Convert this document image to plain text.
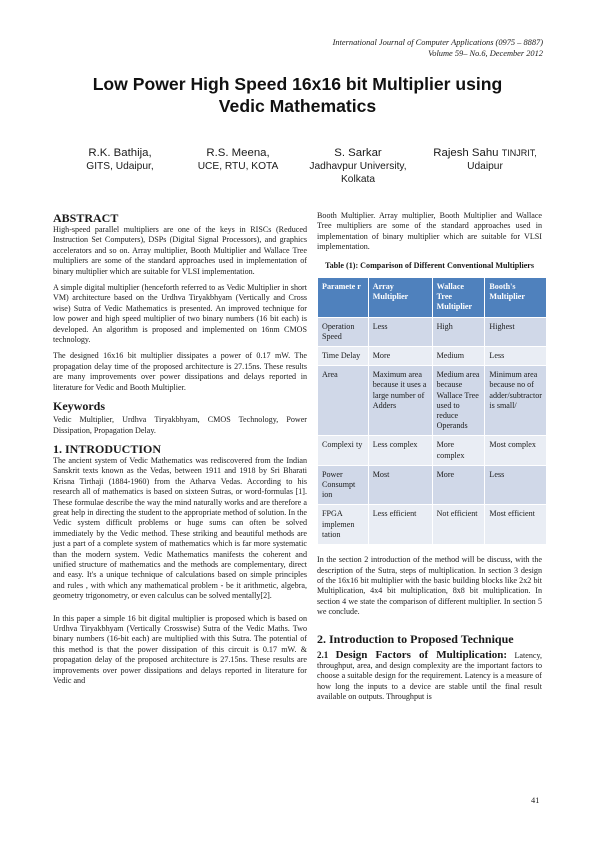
International Journal of Computer Applications (0975 – 8887)
Volume 59– No.6, December 2012
Low Power High Speed 16x16 bit Multiplier using
Vedic Mathematics
R.K. Bathija,
GITS, Udaipur,
R.S. Meena,
UCE, RTU, KOTA
S. Sarkar
Jadhavpur University,
Kolkata
Rajesh Sahu TINJRIT,
Udaipur
ABSTRACT

High-speed parallel multipliers are one of the keys in RISCs (Reduced Instruction Set Computers), DSPs (Digital Signal Processors), and graphics accelerators and so on. Array multiplier, Booth Multiplier and Wallace Tree multipliers are some of the standard approaches used in implementation of binary multiplier which are suitable for VLSI implementation.

A simple digital multiplier (henceforth referred to as Vedic Multiplier in short VM) architecture based on the Urdhva Tiryakbhyam (Vertically and Cross wise) Sutra of Vedic Mathematics is presented. An improved technique for low power and high speed multiplier of two binary numbers (16 bit each) is developed. An algorithm is proposed and implemented on 16nm CMOS technology.

The designed 16x16 bit multiplier dissipates a power of 0.17 mW. The propagation delay time of the proposed architecture is 27.15ns. These results are many improvements over power dissipations and delays reported in literature for Vedic and Booth Multiplier.

Keywords

Vedic Multiplier, Urdhva Tiryakbhyam, CMOS Technology, Power Dissipation, Propagation Delay.

1. INTRODUCTION

The ancient system of Vedic Mathematics was rediscovered from the Indian Sanskrit texts known as the Vedas, between 1911 and 1918 by Sri Bharati Krisna Tirthaji (1884-1960) from the Atharva Vedas. According to his research all of mathematics is based on sixteen Sutras, or word-formulas [1]. These formulae describe the way the mind naturally works and are therefore a great help in directing the student to the appropriate method of solution. In the Vedic system difficult problems or huge sums can often be solved immediately by the Vedic method. These striking and beautiful methods are just a part of a complete system of mathematics which is far more systematic than the modern system. Vedic Mathematics manifests the coherent and unified structure of mathematics and the methods are complementary, direct and easy. It's a unique technique of calculations based on simple principles and rules , with which any mathematical problem - be it arithmetic, algebra, geometry trigonometry, or even calculus can be solved mentally[2].

In this paper a simple 16 bit digital multiplier is proposed which is based on Urdhva Tiryakbhyam (Vertically Crosswise) Sutra of the Vedic Maths. Two binary numbers (16-bit each) are multiplied with this Sutra. The potential of this method is that the power dissipation of this circuit is 0.17 mW. & propagation delay of the proposed architecture is 27.15ns. These results are improvements over power dissipations and delays reported in literature for Vedic and

Booth Multiplier. Array multiplier, Booth Multiplier and Wallace Tree multipliers are some of the standard approaches used in implementation of binary multiplier which are suitable for VLSI implementation.

Table (1): Comparison of Different Conventional Multipliers
Paramete r	Array Multiplier	Wallace Tree Multiplier	Booth's Multiplier
Operation Speed	Less	High	Highest
Time Delay	More	Medium	Less
Area	Maximum area because it uses a large number of Adders	Medium area because Wallace Tree used to reduce Operands	Minimum area because no of adder/subtractor is small/
Complexi ty	Less complex	More complex	Most complex
Power Consumpt ion	Most	More	Less
FPGA implemen tation	Less efficient	Not efficient	Most efficient

In the section 2 introduction of the method will be discuss, with the description of the Sutra, steps of multiplication. In section 3 design of the 16x16 bit multiplier with the basic building blocks like 2x2 bit Multiplication, 4x4 bit multiplication, 8x8 bit multiplication. In section 4 we state the comparison of different multiplier. In section 5 we conclude.

2. Introduction to Proposed Technique

2.1 Design Factors of Multiplication: Latency, throughput, area, and design complexity are the important factors to choose a suitable design for the requirement. Latency is a measure of how long the inputs to a device are stable until the final result available on outputs. Throughput is

41
